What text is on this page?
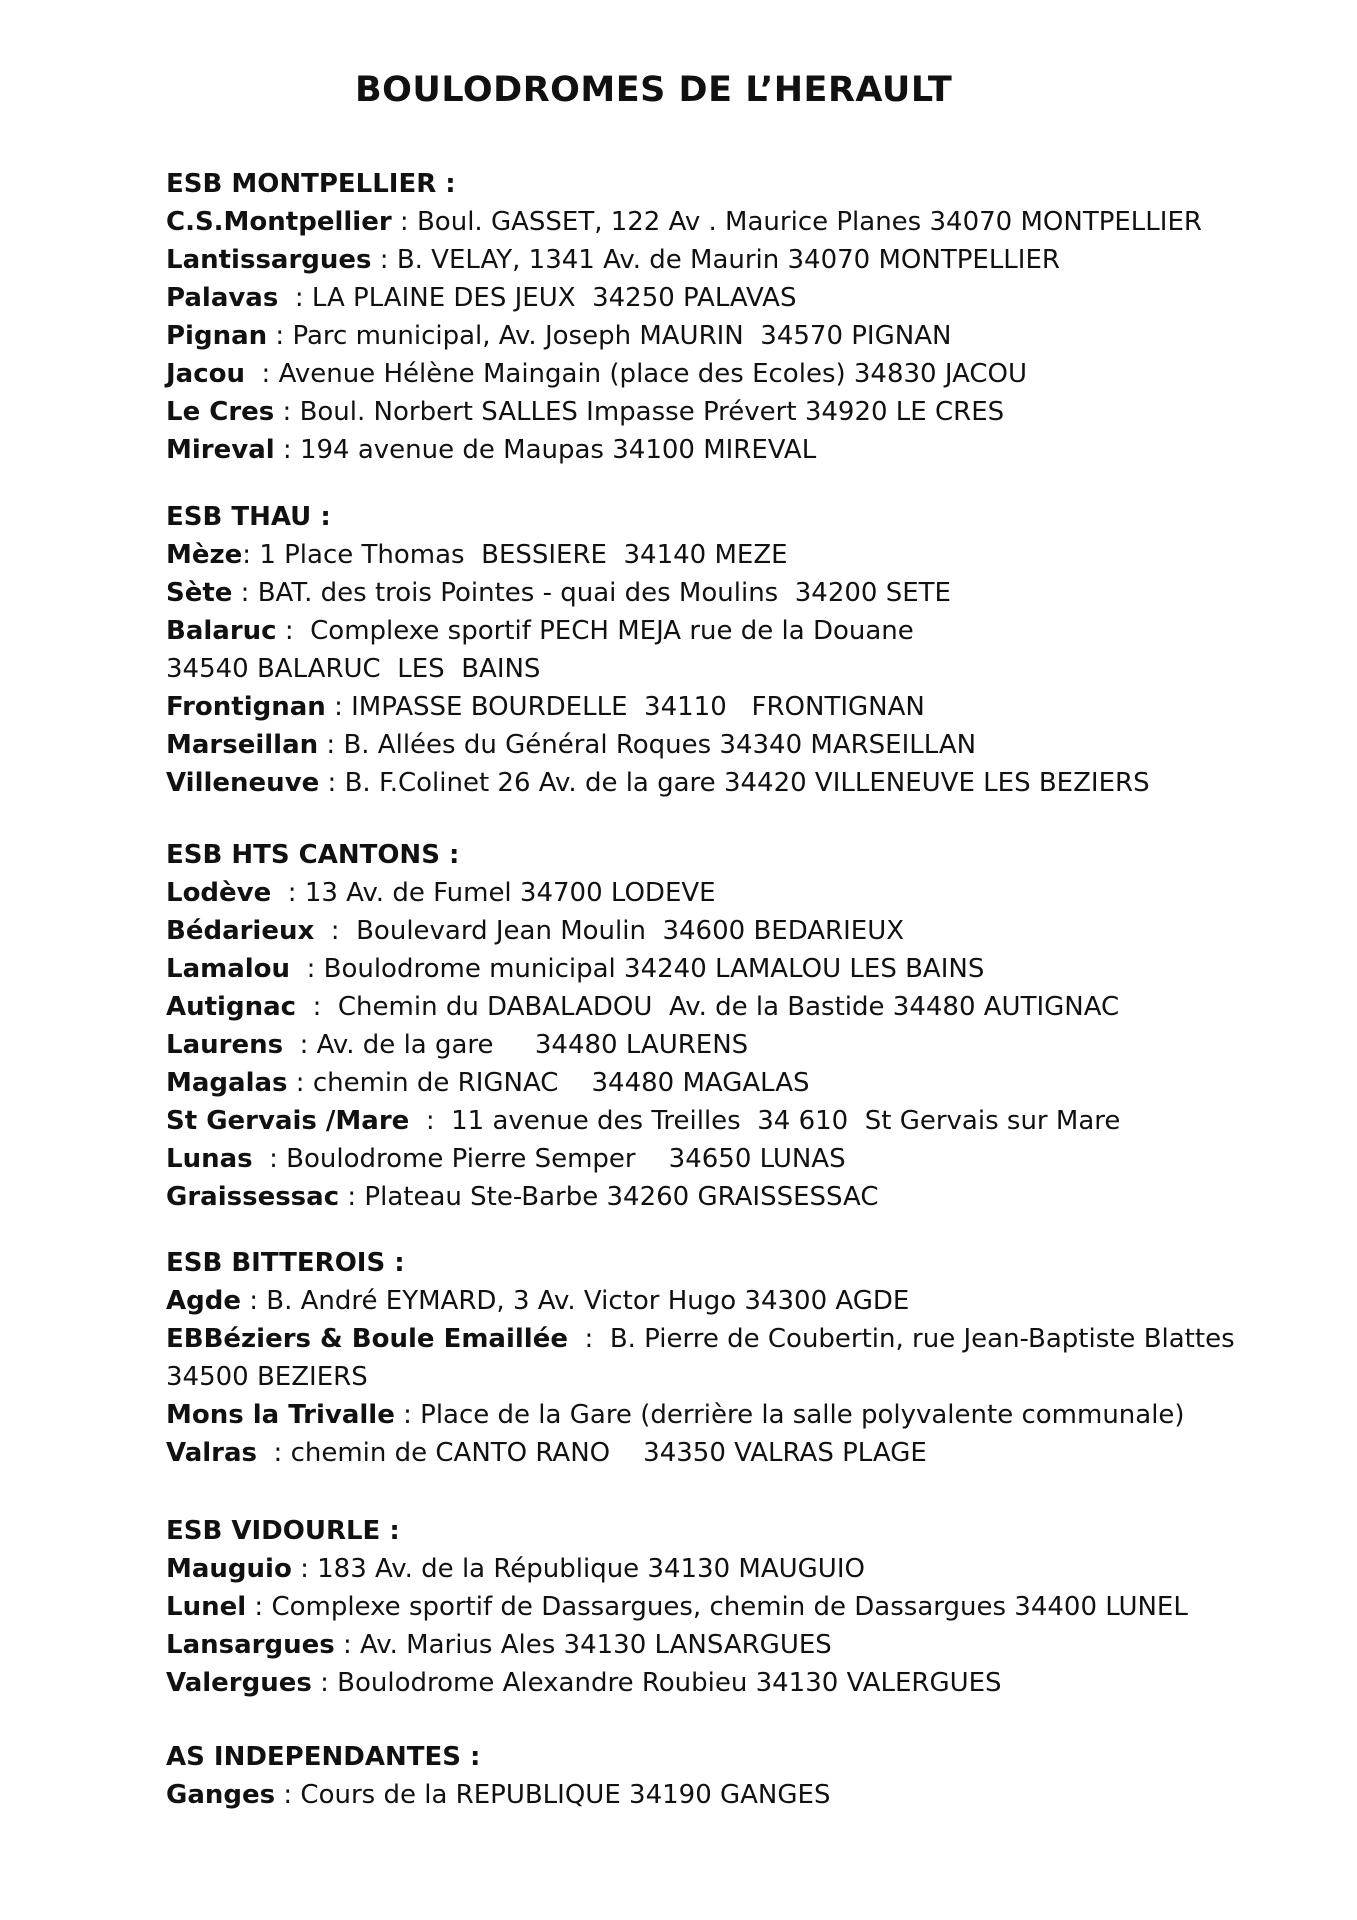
BOULODROMES DE L’HERAULT
ESB MONTPELLIER :
C.S.Montpellier : Boul. GASSET, 122 Av . Maurice Planes 34070 MONTPELLIER
Lantissargues : B. VELAY, 1341 Av. de Maurin 34070 MONTPELLIER
Palavas  : LA PLAINE DES JEUX  34250 PALAVAS
Pignan : Parc municipal, Av. Joseph MAURIN  34570 PIGNAN
Jacou  : Avenue Hélène Maingain (place des Ecoles) 34830 JACOU
Le Cres : Boul. Norbert SALLES Impasse Prévert 34920 LE CRES
Mireval : 194 avenue de Maupas 34100 MIREVAL
ESB THAU :
Mèze: 1 Place Thomas  BESSIERE  34140 MEZE
Sète : BAT. des trois Pointes - quai des Moulins  34200 SETE
Balaruc :  Complexe sportif PECH MEJA rue de la Douane
34540 BALARUC  LES  BAINS
Frontignan : IMPASSE BOURDELLE  34110   FRONTIGNAN
Marseillan : B. Allées du Général Roques 34340 MARSEILLAN
Villeneuve : B. F.Colinet 26 Av. de la gare 34420 VILLENEUVE LES BEZIERS
ESB HTS CANTONS :
Lodève  : 13 Av. de Fumel 34700 LODEVE
Bédarieux  :  Boulevard Jean Moulin  34600 BEDARIEUX
Lamalou  : Boulodrome municipal 34240 LAMALOU LES BAINS
Autignac  :  Chemin du DABALADOU  Av. de la Bastide 34480 AUTIGNAC
Laurens  : Av. de la gare     34480 LAURENS
Magalas : chemin de RIGNAC    34480 MAGALAS
St Gervais /Mare  :  11 avenue des Treilles  34 610  St Gervais sur Mare
Lunas  : Boulodrome Pierre Semper    34650 LUNAS
Graissessac : Plateau Ste-Barbe 34260 GRAISSESSAC
ESB BITTEROIS :
Agde : B. André EYMARD, 3 Av. Victor Hugo 34300 AGDE
EBBéziers & Boule Emaillée  :  B. Pierre de Coubertin, rue Jean-Baptiste Blattes
34500 BEZIERS
Mons la Trivalle : Place de la Gare (derrière la salle polyvalente communale)
Valras  : chemin de CANTO RANO    34350 VALRAS PLAGE
ESB VIDOURLE :
Mauguio : 183 Av. de la République 34130 MAUGUIO
Lunel : Complexe sportif de Dassargues, chemin de Dassargues 34400 LUNEL
Lansargues : Av. Marius Ales 34130 LANSARGUES
Valergues : Boulodrome Alexandre Roubieu 34130 VALERGUES
AS INDEPENDANTES :
Ganges : Cours de la REPUBLIQUE 34190 GANGES
